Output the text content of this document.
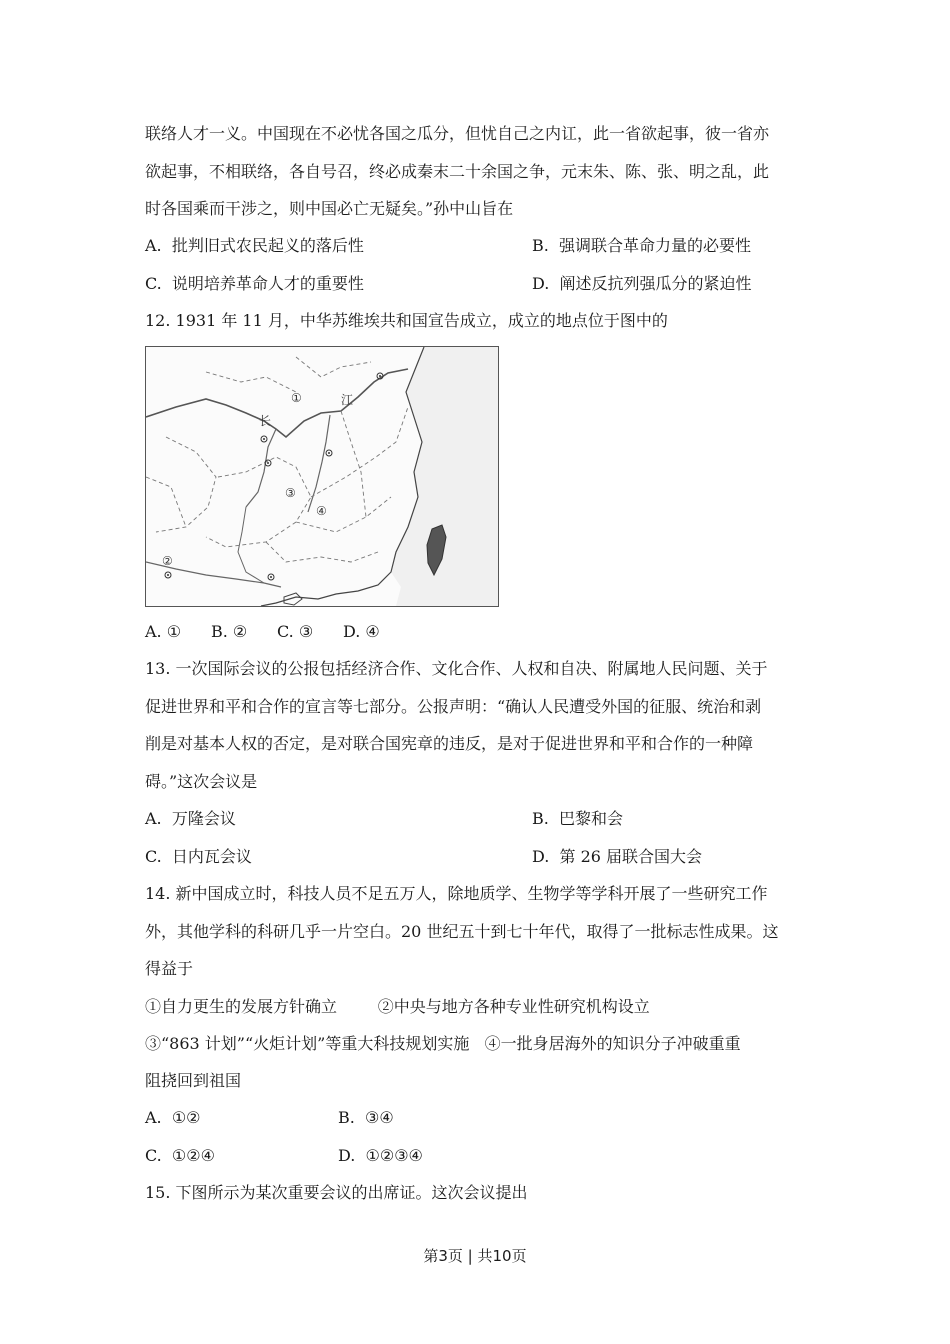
联络人才一义。中国现在不必忧各国之瓜分，但忧自己之内讧，此一省欲起事，彼一省亦
欲起事，不相联络，各自号召，终必成秦末二十余国之争，元末朱、陈、张、明之乱，此
时各国乘而干涉之，则中国必亡无疑矣。”孙中山旨在
A.  批判旧式农民起义的落后性	B.  强调联合革命力量的必要性
C.  说明培养革命人才的重要性	D.  阐述反抗列强瓜分的紧迫性
12. 1931 年 11 月，中华苏维埃共和国宣告成立，成立的地点位于图中的
①	江
长
③
④
②
A. ① B. ② C. ③ D. ④
13. 一次国际会议的公报包括经济合作、文化合作、人权和自决、附属地人民问题、关于
促进世界和平和合作的宣言等七部分。公报声明：“确认人民遭受外国的征服、统治和剥
削是对基本人权的否定，是对联合国宪章的违反，是对于促进世界和平和合作的一种障
碍。”这次会议是
A.  万隆会议	B.  巴黎和会
C.  日内瓦会议	D.  第 26 届联合国大会
14. 新中国成立时，科技人员不足五万人，除地质学、生物学等学科开展了一些研究工作
外，其他学科的科研几乎一片空白。20 世纪五十到七十年代，取得了一批标志性成果。这
得益于
①自力更生的发展方针确立        ②中央与地方各种专业性研究机构设立
③“863 计划”“火炬计划”等重大科技规划实施   ④一批身居海外的知识分子冲破重重
阻挠回到祖国
A.  ①②	B.  ③④
C.  ①②④	D.  ①②③④
15. 下图所示为某次重要会议的出席证。这次会议提出
第3页 | 共10页
